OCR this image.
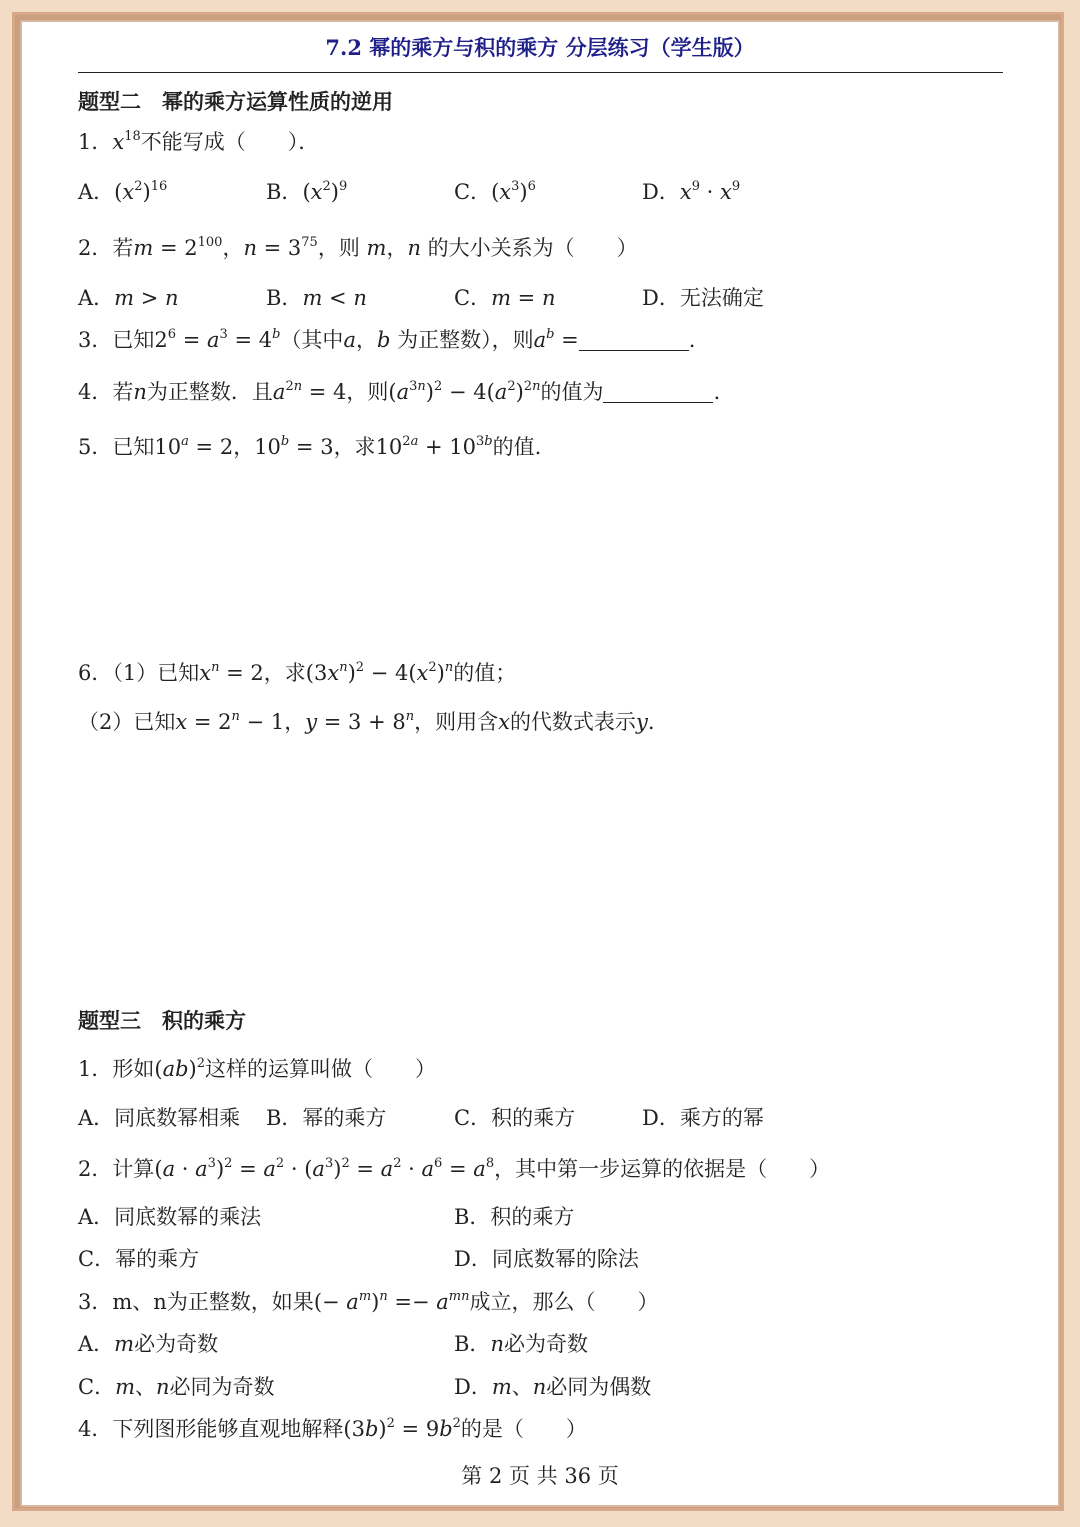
7.2 幂的乘方与积的乘方 分层练习（学生版）
题型二　幂的乘方运算性质的逆用
1．$x^{18}$不能写成（　　）．
A．$(x^2)^{16}$	B．$(x^2)^9$	C．$(x^3)^6$	D．$x^9 \cdot x^9$
2．若$m = 2^{100}$，$n = 3^{75}$，则 m，n 的大小关系为（　　）
A．m > n	B．m < n	C．m = n	D．无法确定
3．已知$2^6 = a^3 = 4^b$（其中a，b 为正整数），则$a^b$ =	.
4．若n为正整数．且$a^{2n} = 4$，则$(a^{3n})^2 - 4(a^2)^{2n}$的值为	.
5．已知$10^a = 2$，$10^b = 3$，求$10^{2a} + 10^{3b}$的值.
6．（1）已知$x^n = 2$，求$(3x^n)^2 - 4(x^2)^n$的值；
（2）已知$x = 2^n - 1$，$y = 3 + 8^n$，则用含x的代数式表示y.
题型三　积的乘方
1．形如(ab)$^2$这样的运算叫做（　　）
A．同底数幂相乘 B．幂的乘方	C．积的乘方	D．乘方的幂
2．计算$(a \cdot a^3)^2 = a^2 \cdot (a^3)^2 = a^2 \cdot a^6 = a^8$，其中第一步运算的依据是（　　）
A．同底数幂的乘法	B．积的乘方
C．幂的乘方	D．同底数幂的除法
3．m、n为正整数，如果(− $a^m)^n =- a^{mn}$成立，那么（　　）
A．m必为奇数	B．n必为奇数
C．m、n必同为奇数	D．m、n必同为偶数
4．下列图形能够直观地解释$(3b)^2 = 9b^2$的是（　　）
第 2 页 共 36 页
